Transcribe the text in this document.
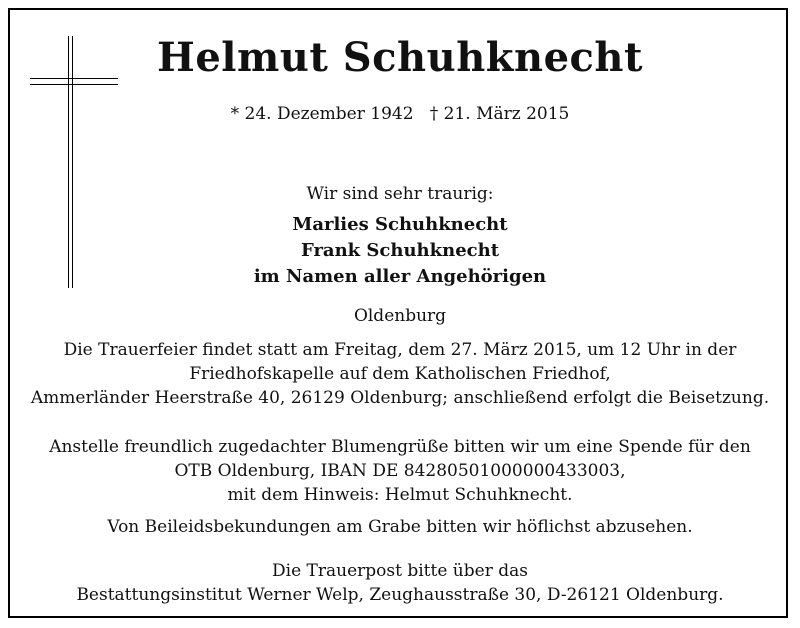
Helmut Schuhknecht
* 24. Dezember 1942   † 21. März 2015
Wir sind sehr traurig:
Marlies Schuhknecht
Frank Schuhknecht
im Namen aller Angehörigen
Oldenburg
Die Trauerfeier findet statt am Freitag, dem 27. März 2015, um 12 Uhr in der
Friedhofskapelle auf dem Katholischen Friedhof,
Ammerländer Heerstraße 40, 26129 Oldenburg; anschließend erfolgt die Beisetzung.
Anstelle freundlich zugedachter Blumengrüße bitten wir um eine Spende für den
OTB Oldenburg, IBAN DE 84280501000000433003,
mit dem Hinweis: Helmut Schuhknecht.
Von Beileidsbekundungen am Grabe bitten wir höflichst abzusehen.
Die Trauerpost bitte über das
Bestattungsinstitut Werner Welp, Zeughausstraße 30, D-26121 Oldenburg.
